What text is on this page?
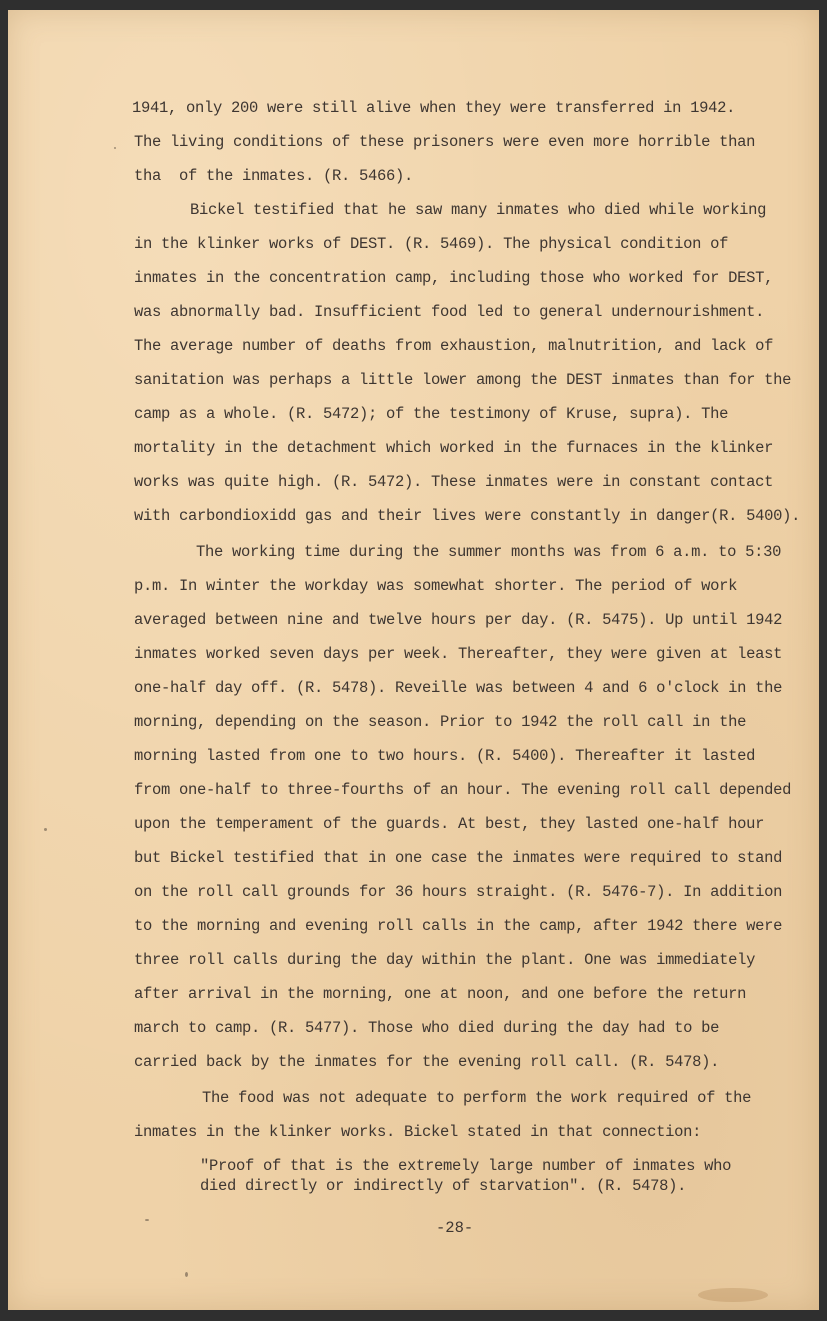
1941, only 200 were still alive when they were transferred in 1942.
The living conditions of these prisoners were even more horrible than
tha  of the inmates. (R. 5466).
Bickel testified that he saw many inmates who died while working
in the klinker works of DEST. (R. 5469). The physical condition of
inmates in the concentration camp, including those who worked for DEST,
was abnormally bad. Insufficient food led to general undernourishment.
The average number of deaths from exhaustion, malnutrition, and lack of
sanitation was perhaps a little lower among the DEST inmates than for the
camp as a whole. (R. 5472); of the testimony of Kruse, supra). The
mortality in the detachment which worked in the furnaces in the klinker
works was quite high. (R. 5472). These inmates were in constant contact
with carbondioxidd gas and their lives were constantly in danger(R. 5400).
The working time during the summer months was from 6 a.m. to 5:30
p.m. In winter the workday was somewhat shorter. The period of work
averaged between nine and twelve hours per day. (R. 5475). Up until 1942
inmates worked seven days per week. Thereafter, they were given at least
one-half day off. (R. 5478). Reveille was between 4 and 6 o'clock in the
morning, depending on the season. Prior to 1942 the roll call in the
morning lasted from one to two hours. (R. 5400). Thereafter it lasted
from one-half to three-fourths of an hour. The evening roll call depended
upon the temperament of the guards. At best, they lasted one-half hour
but Bickel testified that in one case the inmates were required to stand
on the roll call grounds for 36 hours straight. (R. 5476-7). In addition
to the morning and evening roll calls in the camp, after 1942 there were
three roll calls during the day within the plant. One was immediately
after arrival in the morning, one at noon, and one before the return
march to camp. (R. 5477). Those who died during the day had to be
carried back by the inmates for the evening roll call. (R. 5478).
The food was not adequate to perform the work required of the
inmates in the klinker works. Bickel stated in that connection:
"Proof of that is the extremely large number of inmates who
died directly or indirectly of starvation". (R. 5478).
-28-
